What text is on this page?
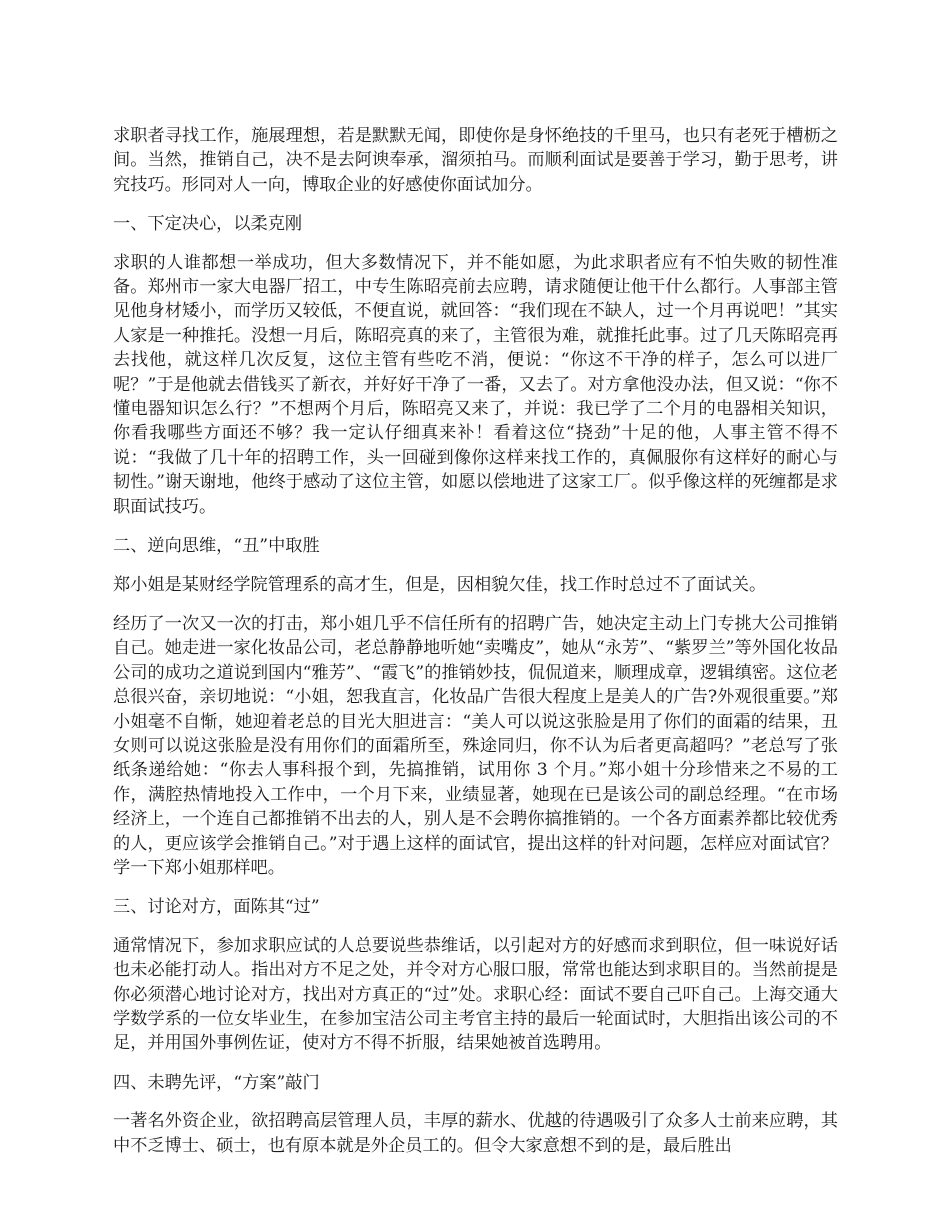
求职者寻找工作，施展理想，若是默默无闻，即使你是身怀绝技的千里马，也只有老死于槽枥之间。当然，推销自己，决不是去阿谀奉承，溜须拍马。而顺利面试是要善于学习，勤于思考，讲究技巧。形同对人一向，博取企业的好感使你面试加分。

一、下定决心，以柔克刚

求职的人谁都想一举成功，但大多数情况下，并不能如愿，为此求职者应有不怕失败的韧性准备。郑州市一家大电器厂招工，中专生陈昭亮前去应聘，请求随便让他干什么都行。人事部主管见他身材矮小，而学历又较低，不便直说，就回答：“我们现在不缺人，过一个月再说吧！”其实人家是一种推托。没想一月后，陈昭亮真的来了，主管很为难，就推托此事。过了几天陈昭亮再去找他，就这样几次反复，这位主管有些吃不消，便说：“你这不干净的样子，怎么可以进厂呢？”于是他就去借钱买了新衣，并好好干净了一番，又去了。对方拿他没办法，但又说：“你不懂电器知识怎么行？”不想两个月后，陈昭亮又来了，并说：我已学了二个月的电器相关知识，你看我哪些方面还不够？我一定认仔细真来补！看着这位“挠劲”十足的他，人事主管不得不说：“我做了几十年的招聘工作，头一回碰到像你这样来找工作的，真佩服你有这样好的耐心与韧性。”谢天谢地，他终于感动了这位主管，如愿以偿地进了这家工厂。似乎像这样的死缠都是求职面试技巧。

二、逆向思维，“丑”中取胜

郑小姐是某财经学院管理系的高才生，但是，因相貌欠佳，找工作时总过不了面试关。

经历了一次又一次的打击，郑小姐几乎不信任所有的招聘广告，她决定主动上门专挑大公司推销自己。她走进一家化妆品公司，老总静静地听她“卖嘴皮”，她从“永芳”、“紫罗兰”等外国化妆品公司的成功之道说到国内“雅芳”、“霞飞”的推销妙技，侃侃道来，顺理成章，逻辑缜密。这位老总很兴奋，亲切地说：“小姐，恕我直言，化妆品广告很大程度上是美人的广告?外观很重要。”郑小姐毫不自惭，她迎着老总的目光大胆进言：“美人可以说这张脸是用了你们的面霜的结果，丑女则可以说这张脸是没有用你们的面霜所至，殊途同归，你不认为后者更高超吗？”老总写了张纸条递给她：“你去人事科报个到，先搞推销，试用你 3 个月。”郑小姐十分珍惜来之不易的工作，满腔热情地投入工作中，一个月下来，业绩显著，她现在已是该公司的副总经理。“在市场经济上，一个连自己都推销不出去的人，别人是不会聘你搞推销的。一个各方面素养都比较优秀的人，更应该学会推销自己。”对于遇上这样的面试官，提出这样的针对问题，怎样应对面试官？学一下郑小姐那样吧。

三、讨论对方，面陈其“过”

通常情况下，参加求职应试的人总要说些恭维话，以引起对方的好感而求到职位，但一味说好话也未必能打动人。指出对方不足之处，并令对方心服口服，常常也能达到求职目的。当然前提是你必须潜心地讨论对方，找出对方真正的“过”处。求职心经：面试不要自己吓自己。上海交通大学数学系的一位女毕业生，在参加宝洁公司主考官主持的最后一轮面试时，大胆指出该公司的不足，并用国外事例佐证，使对方不得不折服，结果她被首选聘用。

四、未聘先评，“方案”敲门

一著名外资企业，欲招聘高层管理人员，丰厚的薪水、优越的待遇吸引了众多人士前来应聘，其中不乏博士、硕士，也有原本就是外企员工的。但令大家意想不到的是，最后胜出
